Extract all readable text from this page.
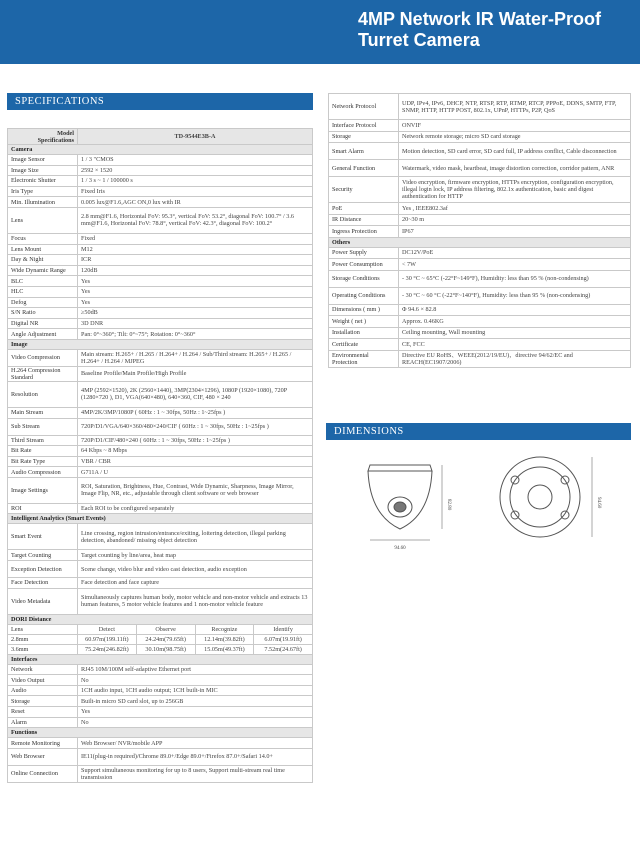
4MP Network IR Water-Proof
Turret Camera
SPECIFICATIONS
DIMENSIONS
Model
Specifications	TD-9544E3B-A			
Camera				
Image Sensor	1 / 3 "CMOS			
Image Size	2592 × 1520			
Electronic Shutter	1 / 3 s ~ 1 / 100000 s			
Iris Type	Fixed Iris			
Min. Illumination	0.005 lux@F1.6,AGC ON,0 lux with IR			
Lens	2.8 mm@F1.6, Horizontal FoV: 95.3°, vertical FoV: 53.2°, diagonal FoV: 100.7° / 3.6 mm@F1.6, Horizontal FoV: 78.8°, vertical FoV: 42.3°, diagonal FoV: 100.2°			
Focus	Fixed			
Lens Mount	M12			
Day & Night	ICR			
Wide Dynamic Range	120dB			
BLC	Yes			
HLC	Yes			
Defog	Yes			
S/N Ratio	≥50dB			
Digital NR	3D DNR			
Angle Adjustment	Pan: 0°~360°; Tilt: 0°~75°; Rotation: 0°~360°			
Image				
Video Compression	Main stream: H.265+ / H.265 / H.264+ / H.264 / Sub/Third stream: H.265+ / H.265 / H.264+ / H.264 / MJPEG			
H.264 Compression Standard	Baseline Profile/Main Profile/High Profile			
Resolution	4MP (2592×1520), 2K (2560×1440), 3MP(2304×1296), 1080P (1920×1080), 720P (1280×720 ), D1, VGA(640×480), 640×360, CIF, 480 × 240			
Main Stream	4MP/2K/3MP/1080P ( 60Hz : 1 ~ 30fps, 50Hz : 1~25fps )			
Sub Stream	720P/D1/VGA/640×360/480×240/CIF ( 60Hz : 1 ~ 30fps, 50Hz : 1~25fps )			
Third Stream	720P/D1/CIF/480×240 ( 60Hz : 1 ~ 30fps, 50Hz : 1~25fps )			
Bit Rate	64 Kbps ~ 8 Mbps			
Bit Rate Type	VBR / CBR			
Audio Compression	G711A / U			
Image Settings	ROI, Saturation, Brightness, Hue, Contrast, Wide Dynamic, Sharpness, Image Mirror, Image Flip, NR, etc., adjustable through client software or web browser			
ROI	Each ROI to be configured separately			
Intelligent Analytics (Smart Events)				
Smart Event	Line crossing, region intrusion/entrance/exiting, loitering detection, illegal parking detection, abandoned/ missing object detection			
Target Counting	Target counting by line/area, heat map			
Exception Detection	Scene change, video blur and video cast detection, audio exception			
Face Detection	Face detection and face capture			
Video Metadata	Simultaneously captures human body, motor vehicle and non-motor vehicle and extracts 13 human features, 5 motor vehicle features and 1 non-motor vehicle feature			
DORI Distance				
Lens	Detect	Observe	Recognize	Identify
2.8mm	60.97m(199.11ft)	24.24m(79.65ft)	12.14m(39.82ft)	6.07m(19.91ft)
3.6mm	75.24m(246.82ft)	30.10m(98.75ft)	15.05m(49.37ft)	7.52m(24.67ft)
Interfaces				
Network	RJ45 10M/100M self-adaptive Ethernet port			
Video Output	No			
Audio	1CH audio input, 1CH audio output; 1CH built-in MIC			
Storage	Built-in micro SD card slot, up to 256GB			
Reset	Yes			
Alarm	No			
Functions				
Remote Monitoring	Web Browser/ NVR/mobile APP			
Web Browser	IE11(plug-in required)/Chrome 89.0+/Edge 89.0+/Firefox 87.0+/Safari 14.0+			
Online Connection	Support simultaneous monitoring for up to 8 users, Support multi-stream real time transmission			
Network Protocol	UDP, IPv4, IPv6, DHCP, NTP, RTSP, RTP, RTMP, RTCP, PPPoE, DDNS, SMTP, FTP, SNMP, HTTP, HTTP POST, 802.1x, UPnP, HTTPs, P2P, QoS
Interface Protocol	ONVIF
Storage	Network remote storage; micro SD card storage
Smart Alarm	Motion detection, SD card error, SD card full, IP address conflict, Cable disconnection
General Function	Watermark, video mask, heartbeat, image distortion correction, corridor pattern, ANR
Security	Video encryption, firmware encryption, HTTPs encryption, configuration encryption, illegal login lock, IP address filtering, 802.1x authentication, basic and digest authentication for HTTP
PoE	Yes , IEEE802.3af
IR Distance	20~30 m
Ingress Protection	IP67
Others	
Power Supply	DC12V/PoE
Power Consumption	< 7W
Storage Conditions	- 30 °C ~ 65°C (-22°F~149°F), Humidity: less than 95 % (non-condensing)
Operating Conditions	- 30 °C ~ 60 °C (-22°F~140°F), Humidity: less than 95 % (non-condensing)
Dimensions ( mm )	Φ 94.6 × 82.8
Weight ( net )	Approx. 0.46KG
Installation	Ceiling mounting, Wall mounting
Certificate	CE, FCC
Environmental Protection	Directive EU RoHS、WEEE(2012/19/EU)，directive 94/62/EC and REACH(EC1907/2006)
94.60
82.80	94.60
